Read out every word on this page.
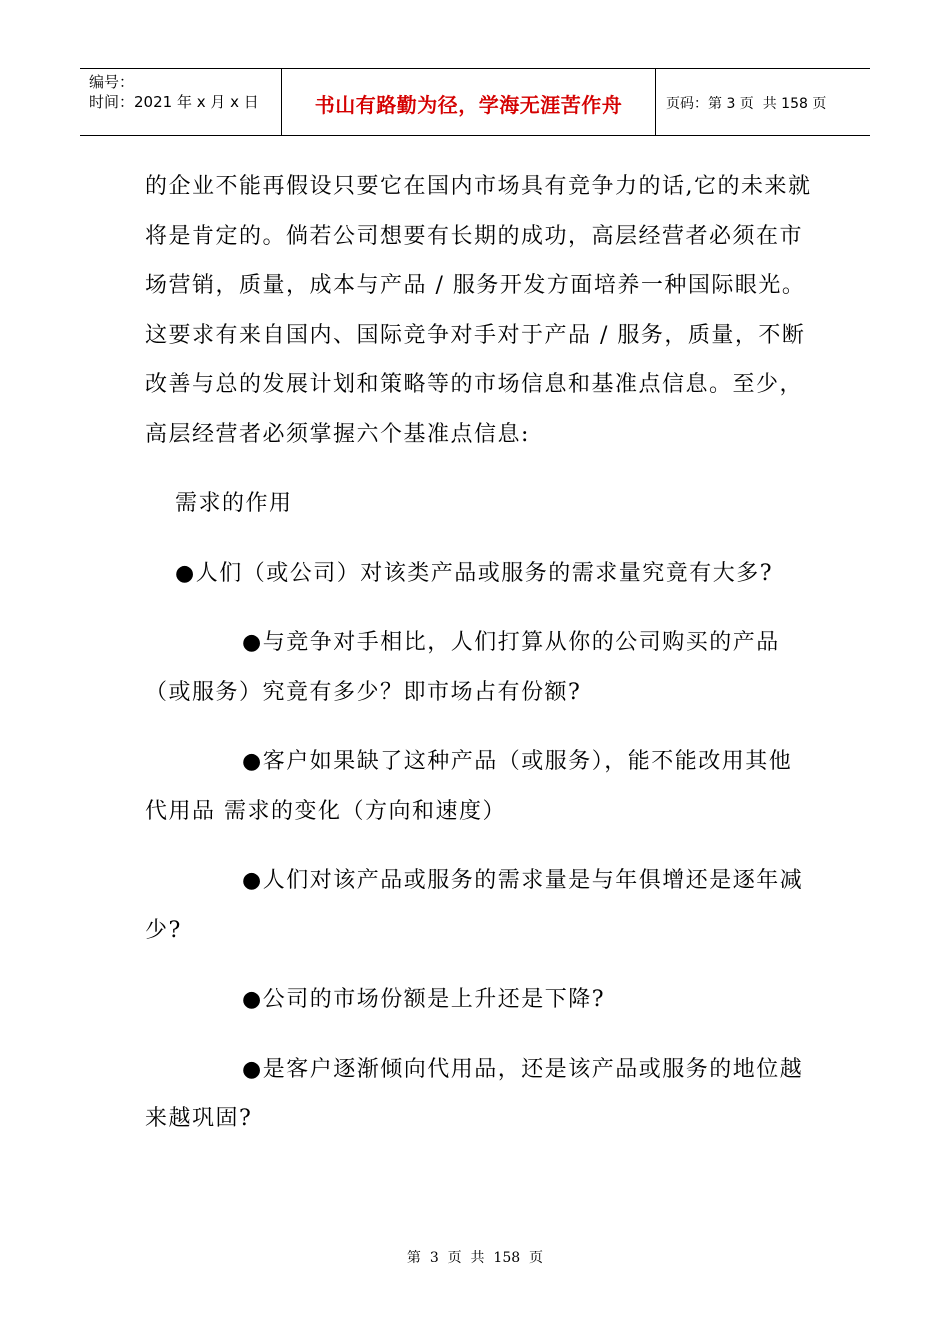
编号：
时间：2021 年 x 月 x 日	书山有路勤为径，学海无涯苦作舟	页码：第 3 页  共 158 页

的企业不能再假设只要它在国内市场具有竞争力的话,它的未来就将是肯定的。倘若公司想要有长期的成功，高层经营者必须在市场营销，质量，成本与产品 / 服务开发方面培养一种国际眼光。这要求有来自国内、国际竞争对手对于产品 / 服务，质量，不断改善与总的发展计划和策略等的市场信息和基准点信息。至少，高层经营者必须掌握六个基准点信息:

需求的作用

●人们（或公司）对该类产品或服务的需求量究竟有大多?

●与竞争对手相比，人们打算从你的公司购买的产品（或服务）究竟有多少？即市场占有份额?

●客户如果缺了这种产品（或服务），能不能改用其他代用品 需求的变化（方向和速度）

●人们对该产品或服务的需求量是与年俱增还是逐年减少?

●公司的市场份额是上升还是下降?

●是客户逐渐倾向代用品，还是该产品或服务的地位越来越巩固?

第  3  页  共  158  页
